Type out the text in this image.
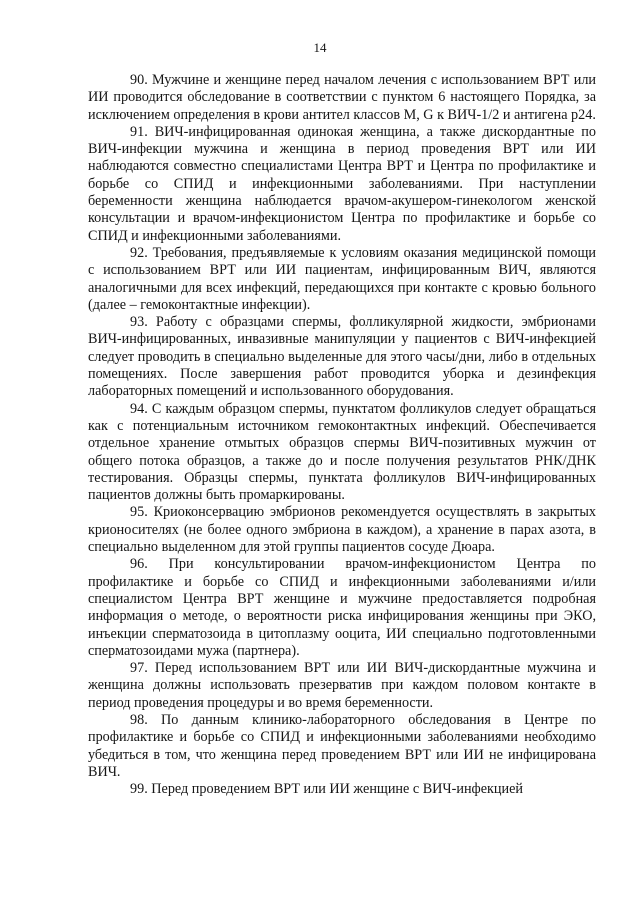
14

90. Мужчине и женщине перед началом лечения с использованием ВРТ или ИИ проводится обследование в соответствии с пунктом 6 настоящего Порядка, за исключением определения в крови антител классов M, G к ВИЧ-1/2 и антигена p24.

91. ВИЧ-инфицированная одинокая женщина, а также дискордантные по ВИЧ-инфекции мужчина и женщина в период проведения ВРТ или ИИ наблюдаются совместно специалистами Центра ВРТ и Центра по профилактике и борьбе со СПИД и инфекционными заболеваниями. При наступлении беременности женщина наблюдается врачом-акушером-гинекологом женской консультации и врачом-инфекционистом Центра по профилактике и борьбе со СПИД и инфекционными заболеваниями.

92. Требования, предъявляемые к условиям оказания медицинской помощи с использованием ВРТ или ИИ пациентам, инфицированным ВИЧ, являются аналогичными для всех инфекций, передающихся при контакте с кровью больного (далее – гемоконтактные инфекции).

93. Работу с образцами спермы, фолликулярной жидкости, эмбрионами ВИЧ-инфицированных, инвазивные манипуляции у пациентов с ВИЧ-инфекцией следует проводить в специально выделенные для этого часы/дни, либо в отдельных помещениях. После завершения работ проводится уборка и дезинфекция лабораторных помещений и использованного оборудования.

94. С каждым образцом спермы, пунктатом фолликулов следует обращаться как с потенциальным источником гемоконтактных инфекций. Обеспечивается отдельное хранение отмытых образцов спермы ВИЧ-позитивных мужчин от общего потока образцов, а также до и после получения результатов РНК/ДНК тестирования. Образцы спермы, пунктата фолликулов ВИЧ-инфицированных пациентов должны быть промаркированы.

95. Криоконсервацию эмбрионов рекомендуется осуществлять в закрытых крионосителях (не более одного эмбриона в каждом), а хранение в парах азота, в специально выделенном для этой группы пациентов сосуде Дюара.

96. При консультировании врачом-инфекционистом Центра по профилактике и борьбе со СПИД и инфекционными заболеваниями и/или специалистом Центра ВРТ женщине и мужчине предоставляется подробная информация о методе, о вероятности риска инфицирования женщины при ЭКО, инъекции сперматозоида в цитоплазму ооцита, ИИ специально подготовленными сперматозоидами мужа (партнера).

97. Перед использованием ВРТ или ИИ ВИЧ-дискордантные мужчина и женщина должны использовать презерватив при каждом половом контакте в период проведения процедуры и во время беременности.

98. По данным клинико-лабораторного обследования в Центре по профилактике и борьбе со СПИД и инфекционными заболеваниями необходимо убедиться в том, что женщина перед проведением ВРТ или ИИ не инфицирована ВИЧ.

99. Перед проведением ВРТ или ИИ женщине с ВИЧ-инфекцией
